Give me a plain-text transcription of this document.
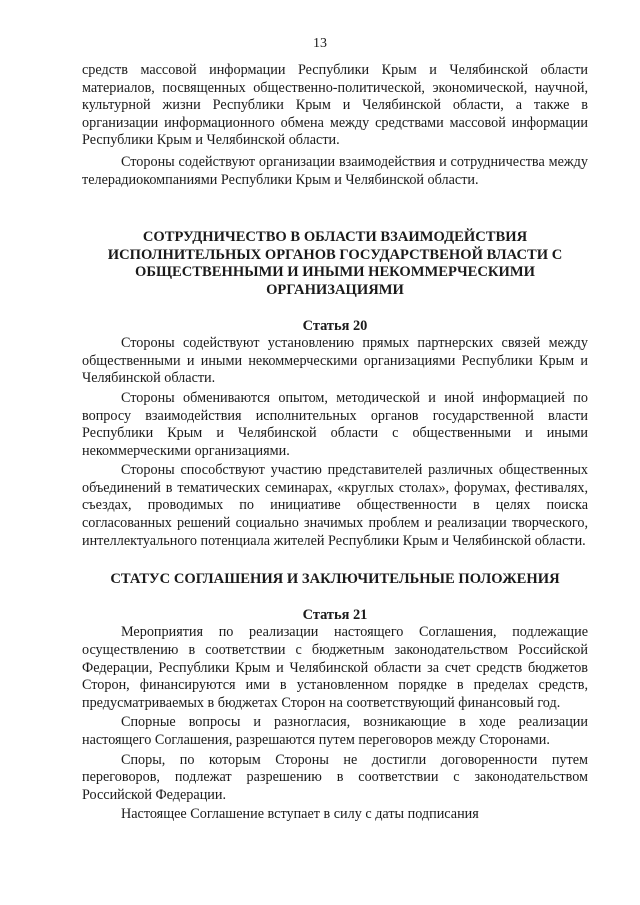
13

средств массовой информации Республики Крым и Челябинской области материалов, посвященных общественно-политической, экономической, научной, культурной жизни Республики Крым и Челябинской области, а также в организации информационного обмена между средствами массовой информации Республики Крым и Челябинской области.

Стороны содействуют организации взаимодействия и сотрудничества между телерадиокомпаниями Республики Крым и Челябинской области.

СОТРУДНИЧЕСТВО В ОБЛАСТИ ВЗАИМОДЕЙСТВИЯ ИСПОЛНИТЕЛЬНЫХ ОРГАНОВ ГОСУДАРСТВЕНОЙ ВЛАСТИ С ОБЩЕСТВЕННЫМИ И ИНЫМИ НЕКОММЕРЧЕСКИМИ ОРГАНИЗАЦИЯМИ
Статья 20

Стороны содействуют установлению прямых партнерских связей между общественными и иными некоммерческими организациями Республики Крым и Челябинской области.

Стороны обмениваются опытом, методической и иной информацией по вопросу взаимодействия исполнительных органов государственной власти Республики Крым и Челябинской области с общественными и иными некоммерческими организациями.

Стороны способствуют участию представителей различных общественных объединений в тематических семинарах, «круглых столах», форумах, фестивалях, съездах, проводимых по инициативе общественности в целях поиска согласованных решений социально значимых проблем и реализации творческого, интеллектуального потенциала жителей Республики Крым и Челябинской области.

СТАТУС СОГЛАШЕНИЯ И ЗАКЛЮЧИТЕЛЬНЫЕ ПОЛОЖЕНИЯ
Статья 21

Мероприятия по реализации настоящего Соглашения, подлежащие осуществлению в соответствии с бюджетным законодательством Российской Федерации, Республики Крым и Челябинской области за счет средств бюджетов Сторон, финансируются ими в установленном порядке в пределах средств, предусматриваемых в бюджетах Сторон на соответствующий финансовый год.

Спорные вопросы и разногласия, возникающие в ходе реализации настоящего Соглашения, разрешаются путем переговоров между Сторонами.

Споры, по которым Стороны не достигли договоренности путем переговоров, подлежат разрешению в соответствии с законодательством Российской Федерации.

Настоящее Соглашение вступает в силу с даты подписания
